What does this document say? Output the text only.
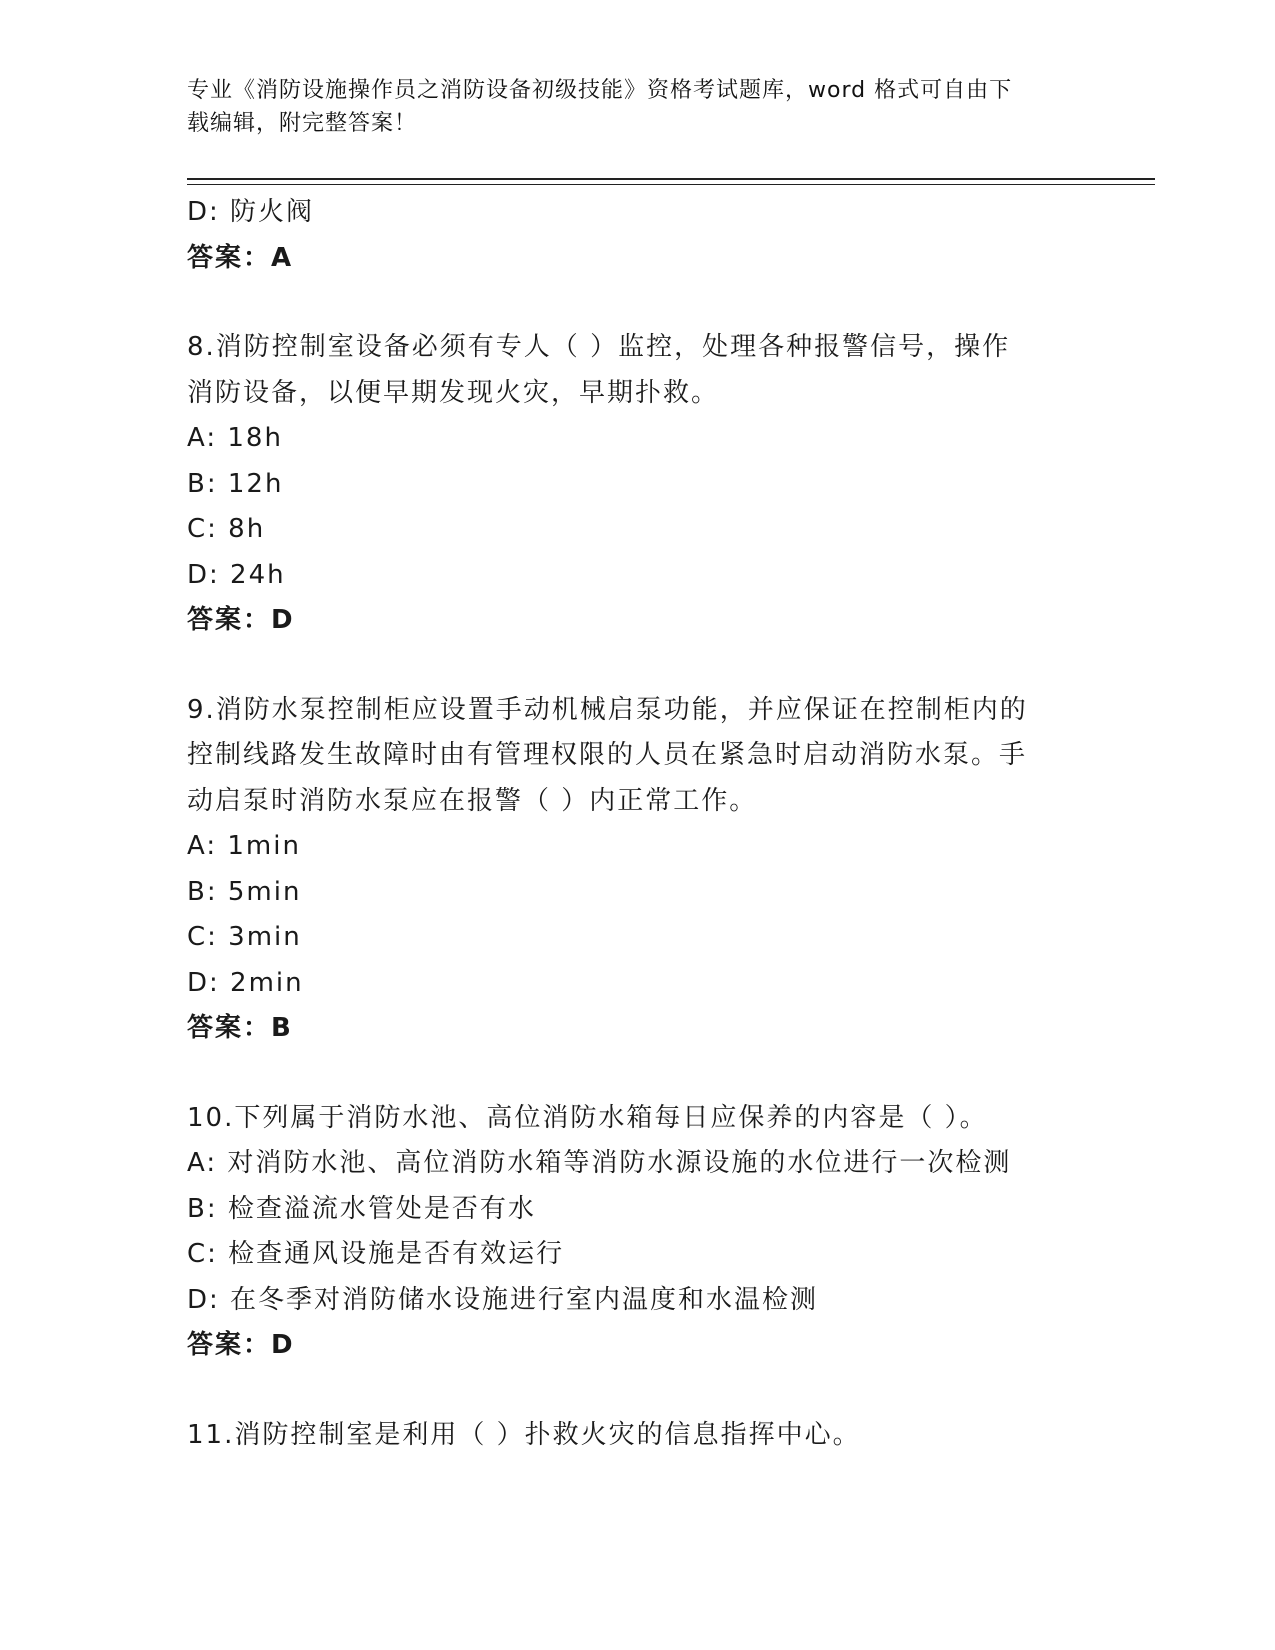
专业《消防设施操作员之消防设备初级技能》资格考试题库，word 格式可自由下
载编辑，附完整答案！
D: 防火阀
答案：A
8.消防控制室设备必须有专人（ ）监控，处理各种报警信号，操作
消防设备，以便早期发现火灾，早期扑救。
A: 18h
B: 12h
C: 8h
D: 24h
答案：D
9.消防水泵控制柜应设置手动机械启泵功能，并应保证在控制柜内的
控制线路发生故障时由有管理权限的人员在紧急时启动消防水泵。手
动启泵时消防水泵应在报警（ ）内正常工作。
A: 1min
B: 5min
C: 3min
D: 2min
答案：B
10.下列属于消防水池、高位消防水箱每日应保养的内容是（ ）。
A: 对消防水池、高位消防水箱等消防水源设施的水位进行一次检测
B: 检查溢流水管处是否有水
C: 检查通风设施是否有效运行
D: 在冬季对消防储水设施进行室内温度和水温检测
答案：D
11.消防控制室是利用（ ）扑救火灾的信息指挥中心。
